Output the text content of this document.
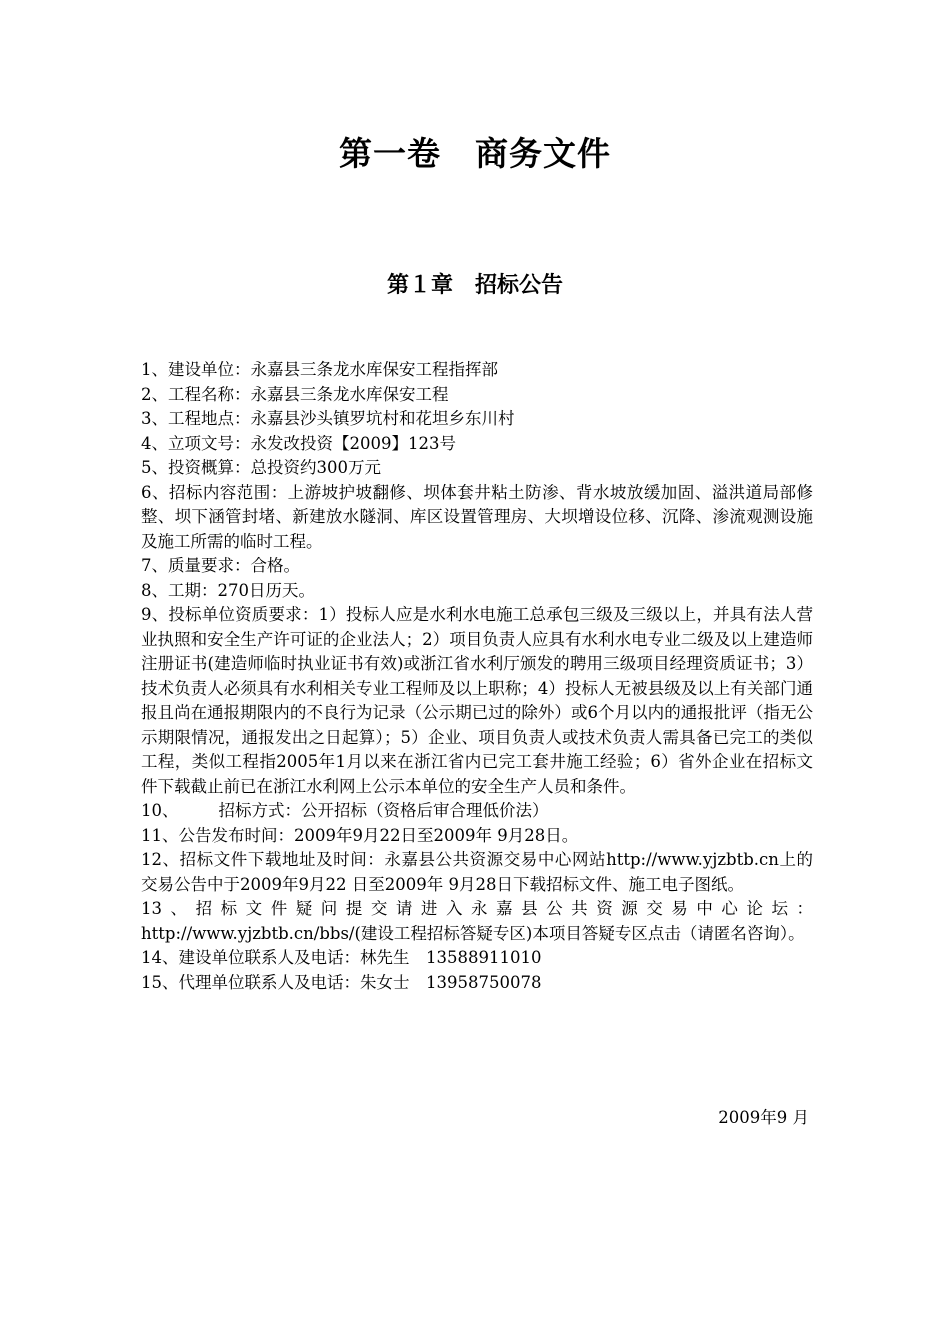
第一卷　商务文件
第１章　招标公告

1、建设单位：永嘉县三条龙水库保安工程指挥部

2、工程名称：永嘉县三条龙水库保安工程

3、工程地点：永嘉县沙头镇罗坑村和花坦乡东川村

4、立项文号：永发改投资【2009】123号

5、投资概算：总投资约300万元

6、招标内容范围：上游坡护坡翻修、坝体套井粘土防渗、背水坡放缓加固、溢洪道局部修整、坝下涵管封堵、新建放水隧洞、库区设置管理房、大坝增设位移、沉降、渗流观测设施及施工所需的临时工程。

7、质量要求：合格。

8、工期：270日历天。

9、投标单位资质要求：1）投标人应是水利水电施工总承包三级及三级以上，并具有法人营业执照和安全生产许可证的企业法人；2）项目负责人应具有水利水电专业二级及以上建造师注册证书(建造师临时执业证书有效)或浙江省水利厅颁发的聘用三级项目经理资质证书；3）技术负责人必须具有水利相关专业工程师及以上职称；4）投标人无被县级及以上有关部门通报且尚在通报期限内的不良行为记录（公示期已过的除外）或6个月以内的通报批评（指无公示期限情况，通报发出之日起算）；5）企业、项目负责人或技术负责人需具备已完工的类似工程，类似工程指2005年1月以来在浙江省内已完工套井施工经验；6）省外企业在招标文件下载截止前已在浙江水利网上公示本单位的安全生产人员和条件。

10、 招标方式：公开招标（资格后审合理低价法）

11、公告发布时间：2009年9月22日至2009年 9月28日。

12、招标文件下载地址及时间：永嘉县公共资源交易中心网站http://www.yjzbtb.cn上的交易公告中于2009年9月22 日至2009年 9月28日下载招标文件、施工电子图纸。

13、招标文件疑问提交请进入永嘉县公共资源交易中心论坛：http://www.yjzbtb.cn/bbs/(建设工程招标答疑专区)本项目答疑专区点击（请匿名咨询）。

14、建设单位联系人及电话：林先生　13588911010

15、代理单位联系人及电话：朱女士　13958750078

2009年9 月
